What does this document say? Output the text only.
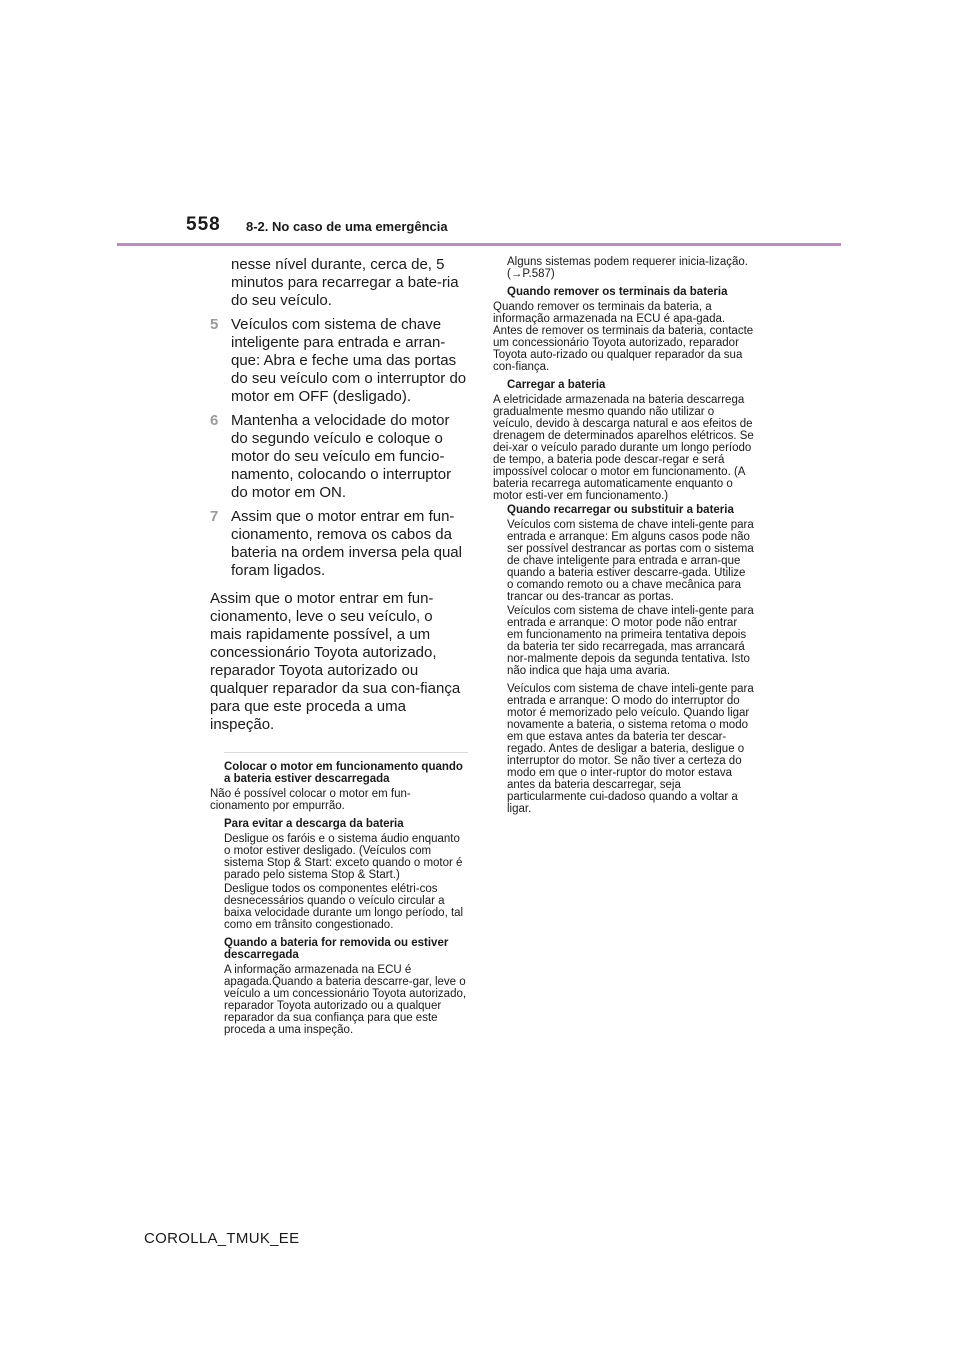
558 8-2. No caso de uma emergência

nesse nível durante, cerca de, 5 minutos para recarregar a bate-ria do seu veículo.

5 Veículos com sistema de chave inteligente para entrada e arran-que: Abra e feche uma das portas do seu veículo com o interruptor do motor em OFF (desligado).
6 Mantenha a velocidade do motor do segundo veículo e coloque o motor do seu veículo em funcio-namento, colocando o interruptor do motor em ON.
7 Assim que o motor entrar em fun-cionamento, remova os cabos da bateria na ordem inversa pela qual foram ligados.

Assim que o motor entrar em fun-cionamento, leve o seu veículo, o mais rapidamente possível, a um concessionário Toyota autorizado, reparador Toyota autorizado ou qualquer reparador da sua con-fiança para que este proceda a uma inspeção.

Colocar o motor em funcionamento quando a bateria estiver descarregada

Não é possível colocar o motor em fun-cionamento por empurrão.

Para evitar a descarga da bateria

Desligue os faróis e o sistema áudio enquanto o motor estiver desligado. (Veículos com sistema Stop & Start: exceto quando o motor é parado pelo sistema Stop & Start.)

Desligue todos os componentes elétri-cos desnecessários quando o veículo circular a baixa velocidade durante um longo período, tal como em trânsito congestionado.

Quando a bateria for removida ou estiver descarregada

A informação armazenada na ECU é apagada.Quando a bateria descarre-gar, leve o veículo a um concessionário Toyota autorizado, reparador Toyota autorizado ou a qualquer reparador da sua confiança para que este proceda a uma inspeção.

Alguns sistemas podem requerer inicia-lização. (→P.587)

Quando remover os terminais da bateria

Quando remover os terminais da bateria, a informação armazenada na ECU é apa-gada. Antes de remover os terminais da bateria, contacte um concessionário Toyota autorizado, reparador Toyota auto-rizado ou qualquer reparador da sua con-fiança.

Carregar a bateria

A eletricidade armazenada na bateria descarrega gradualmente mesmo quando não utilizar o veículo, devido à descarga natural e aos efeitos de drenagem de determinados aparelhos elétricos. Se dei-xar o veículo parado durante um longo período de tempo, a bateria pode descar-regar e será impossível colocar o motor em funcionamento. (A bateria recarrega automaticamente enquanto o motor esti-ver em funcionamento.)

Quando recarregar ou substituir a bateria

Veículos com sistema de chave inteli-gente para entrada e arranque: Em alguns casos pode não ser possível destrancar as portas com o sistema de chave inteligente para entrada e arran-que quando a bateria estiver descarre-gada. Utilize o comando remoto ou a chave mecânica para trancar ou des-trancar as portas.

Veículos com sistema de chave inteli-gente para entrada e arranque: O motor pode não entrar em funcionamento na primeira tentativa depois da bateria ter sido recarregada, mas arrancará nor-malmente depois da segunda tentativa. Isto não indica que haja uma avaria.

Veículos com sistema de chave inteli-gente para entrada e arranque: O modo do interruptor do motor é memorizado pelo veículo. Quando ligar novamente a bateria, o sistema retoma o modo em que estava antes da bateria ter descar-regado. Antes de desligar a bateria, desligue o interruptor do motor. Se não tiver a certeza do modo em que o inter-ruptor do motor estava antes da bateria descarregar, seja particularmente cui-dadoso quando a voltar a ligar.

COROLLA_TMUK_EE
